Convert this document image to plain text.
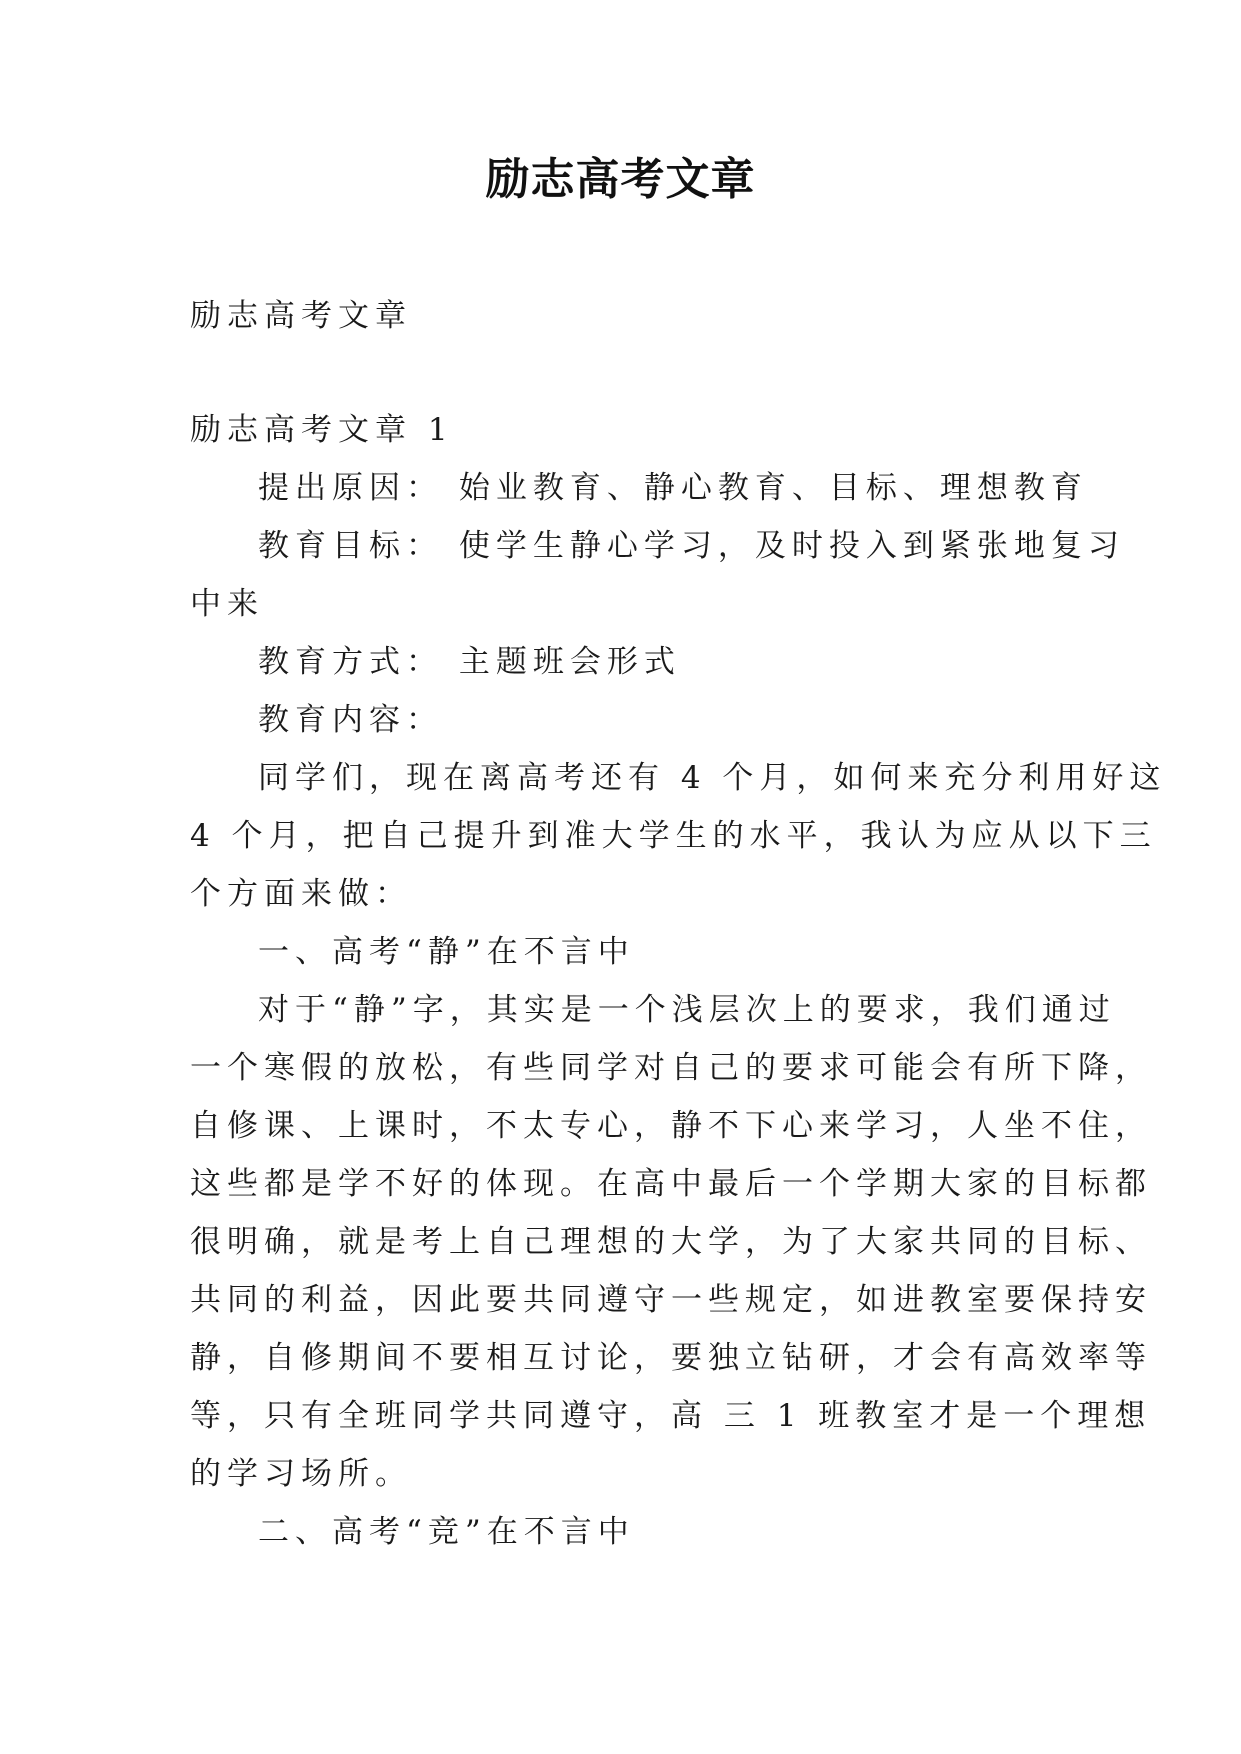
励志高考文章
励志高考文章
励志高考文章 1
提出原因： 始业教育、静心教育、目标、理想教育
教育目标： 使学生静心学习，及时投入到紧张地复习
中来
教育方式： 主题班会形式
教育内容：
同学们，现在离高考还有 4 个月，如何来充分利用好这
4 个月，把自己提升到准大学生的水平，我认为应从以下三
个方面来做：
一、高考“静”在不言中
对于“静”字，其实是一个浅层次上的要求，我们通过
一个寒假的放松，有些同学对自己的要求可能会有所下降，
自修课、上课时，不太专心，静不下心来学习，人坐不住，
这些都是学不好的体现。在高中最后一个学期大家的目标都
很明确，就是考上自己理想的大学，为了大家共同的目标、
共同的利益，因此要共同遵守一些规定，如进教室要保持安
静，自修期间不要相互讨论，要独立钻研，才会有高效率等
等，只有全班同学共同遵守，高 三 1 班教室才是一个理想
的学习场所。
二、高考“竞”在不言中
